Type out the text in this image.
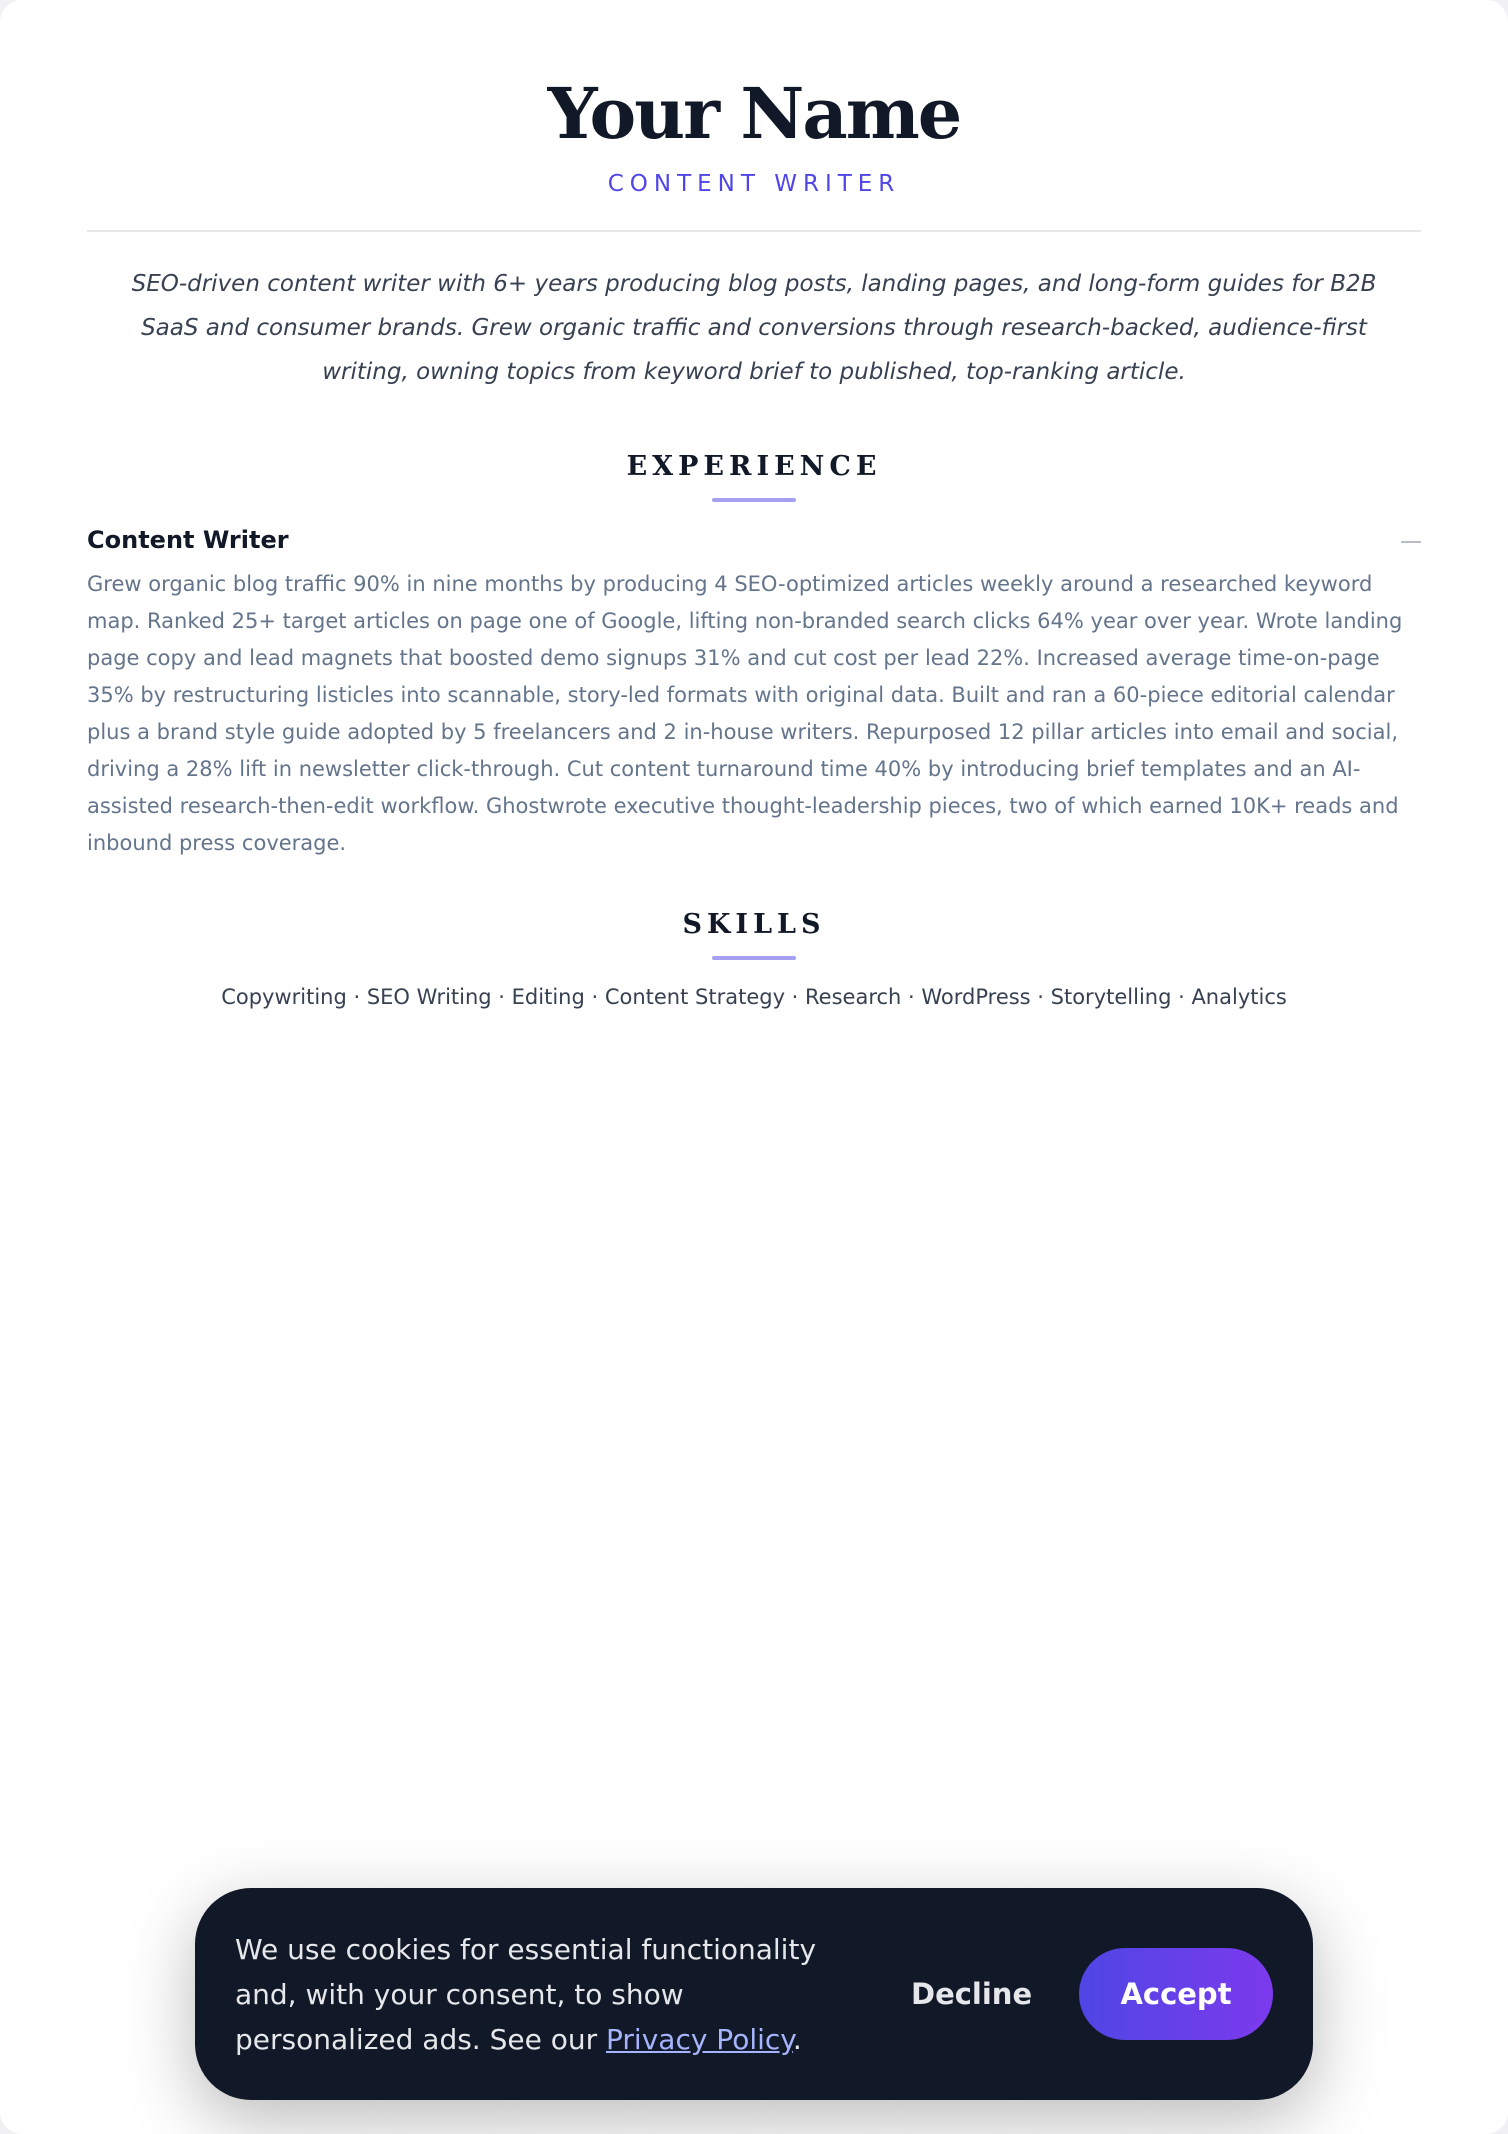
Your Name
CONTENT WRITER

SEO-driven content writer with 6+ years producing blog posts, landing pages, and long-form guides for B2B SaaS and consumer brands. Grew organic traffic and conversions through research-backed, audience-first writing, owning topics from keyword brief to published, top-ranking article.

EXPERIENCE
Content Writer
Grew organic blog traffic 90% in nine months by producing 4 SEO-optimized articles weekly around a researched keyword map. Ranked 25+ target articles on page one of Google, lifting non-branded search clicks 64% year over year. Wrote landing page copy and lead magnets that boosted demo signups 31% and cut cost per lead 22%. Increased average time-on-page 35% by restructuring listicles into scannable, story-led formats with original data. Built and ran a 60-piece editorial calendar plus a brand style guide adopted by 5 freelancers and 2 in-house writers. Repurposed 12 pillar articles into email and social, driving a 28% lift in newsletter click-through. Cut content turnaround time 40% by introducing brief templates and an AI-assisted research-then-edit workflow. Ghostwrote executive thought-leadership pieces, two of which earned 10K+ reads and inbound press coverage.
SKILLS
Copywriting · SEO Writing · Editing · Content Strategy · Research · WordPress · Storytelling · Analytics
We use cookies for essential functionality and, with your consent, to show personalized ads. See our Privacy Policy.
Decline	Accept
